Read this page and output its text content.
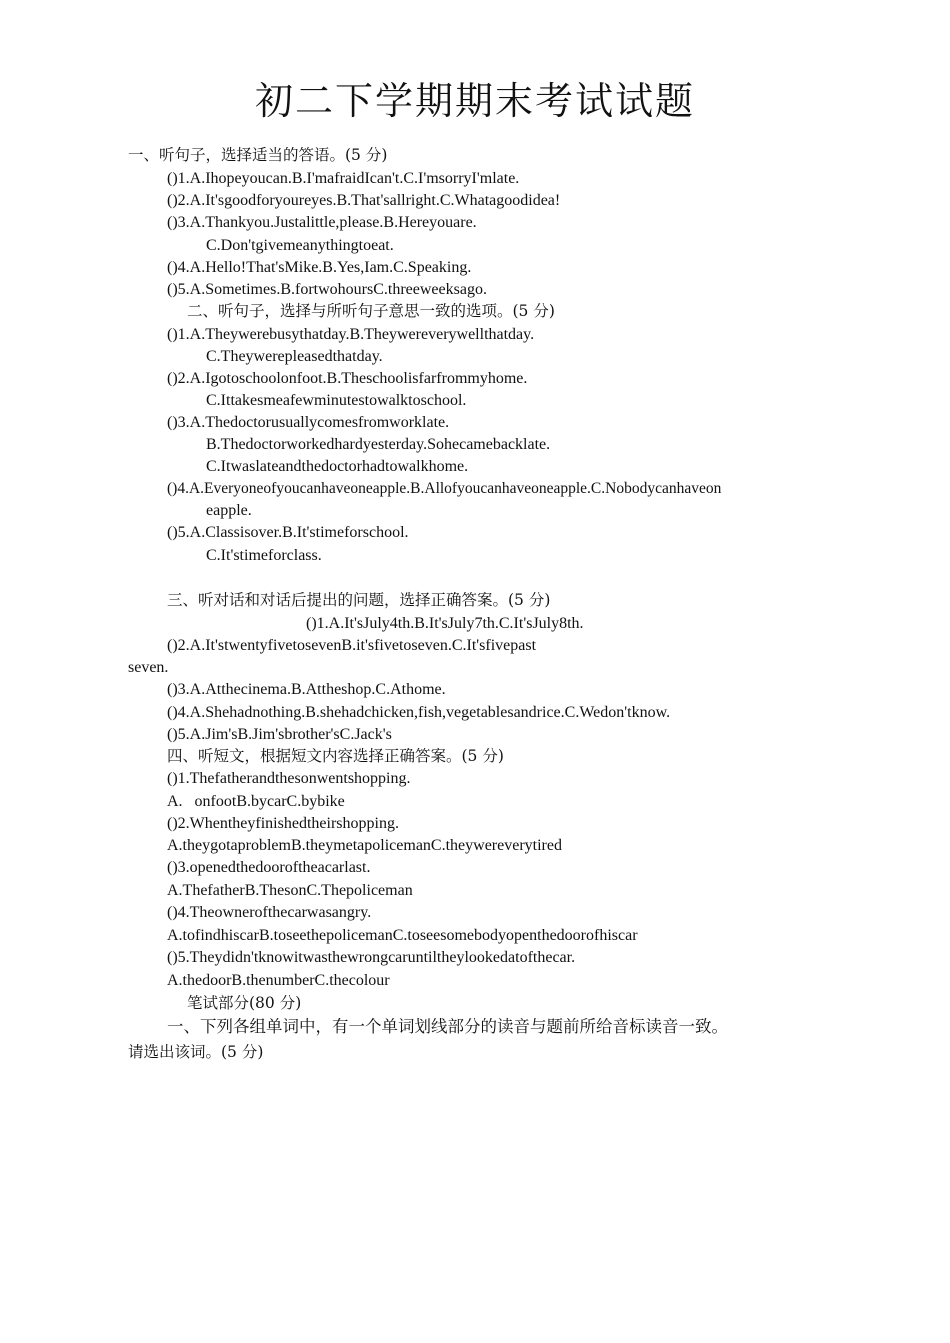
初二下学期期末考试试题
一、听句子，选择适当的答语。(5 分)
()1.A.Ihopeyoucan.B.I'mafraidIcan't.C.I'msorryI'mlate.
()2.A.It'sgoodforyoureyes.B.That'sallright.C.Whatagoodidea!
()3.A.Thankyou.Justalittle,please.B.Hereyouare.
C.Don'tgivemeanythingtoeat.
()4.A.Hello!That'sMike.B.Yes,Iam.C.Speaking.
()5.A.Sometimes.B.fortwohoursC.threeweeksago.
二、听句子，选择与所听句子意思一致的选项。(5 分)
()1.A.Theywerebusythatday.B.Theywereverywellthatday.
C.Theywerepleasedthatday.
()2.A.Igotoschoolonfoot.B.Theschoolisfarfrommyhome.
C.Ittakesmeafewminutestowalktoschool.
()3.A.Thedoctorusuallycomesfromworklate.
B.Thedoctorworkedhardyesterday.Sohecamebacklate.
C.Itwaslateandthedoctorhadtowalkhome.
()4.A.Everyoneofyoucanhaveoneapple.B.Allofyoucanhaveoneapple.C.Nobodycanhaveon
eapple.
()5.A.Classisover.B.It'stimeforschool.
C.It'stimeforclass.
三、听对话和对话后提出的问题，选择正确答案。(5 分)
()1.A.It'sJuly4th.B.It'sJuly7th.C.It'sJuly8th.
()2.A.It'stwentyfivetosevenB.it'sfivetoseven.C.It'sfivepast
seven.
()3.A.Atthecinema.B.Attheshop.C.Athome.
()4.A.Shehadnothing.B.shehadchicken,fish,vegetablesandrice.C.Wedon'tknow.
()5.A.Jim'sB.Jim'sbrother'sC.Jack's
四、听短文，根据短文内容选择正确答案。(5 分)
()1.Thefatherandthesonwentshopping.
A.   onfootB.bycarC.bybike
()2.Whentheyfinishedtheirshopping.
A.theygotaproblemB.theymetapolicemanC.theywereverytired
()3.openedthedooroftheacarlast.
A.ThefatherB.ThesonC.Thepoliceman
()4.Theownerofthecarwasangry.
A.tofindhiscarB.toseethepolicemanC.toseesomebodyopenthedoorofhiscar
()5.Theydidn'tknowitwasthewrongcaruntiltheylookedatofthecar.
A.thedoorB.thenumberC.thecolour
笔试部分(80 分)
一、下列各组单词中，有一个单词划线部分的读音与题前所给音标读音一致。
请选出该词。(5 分)
